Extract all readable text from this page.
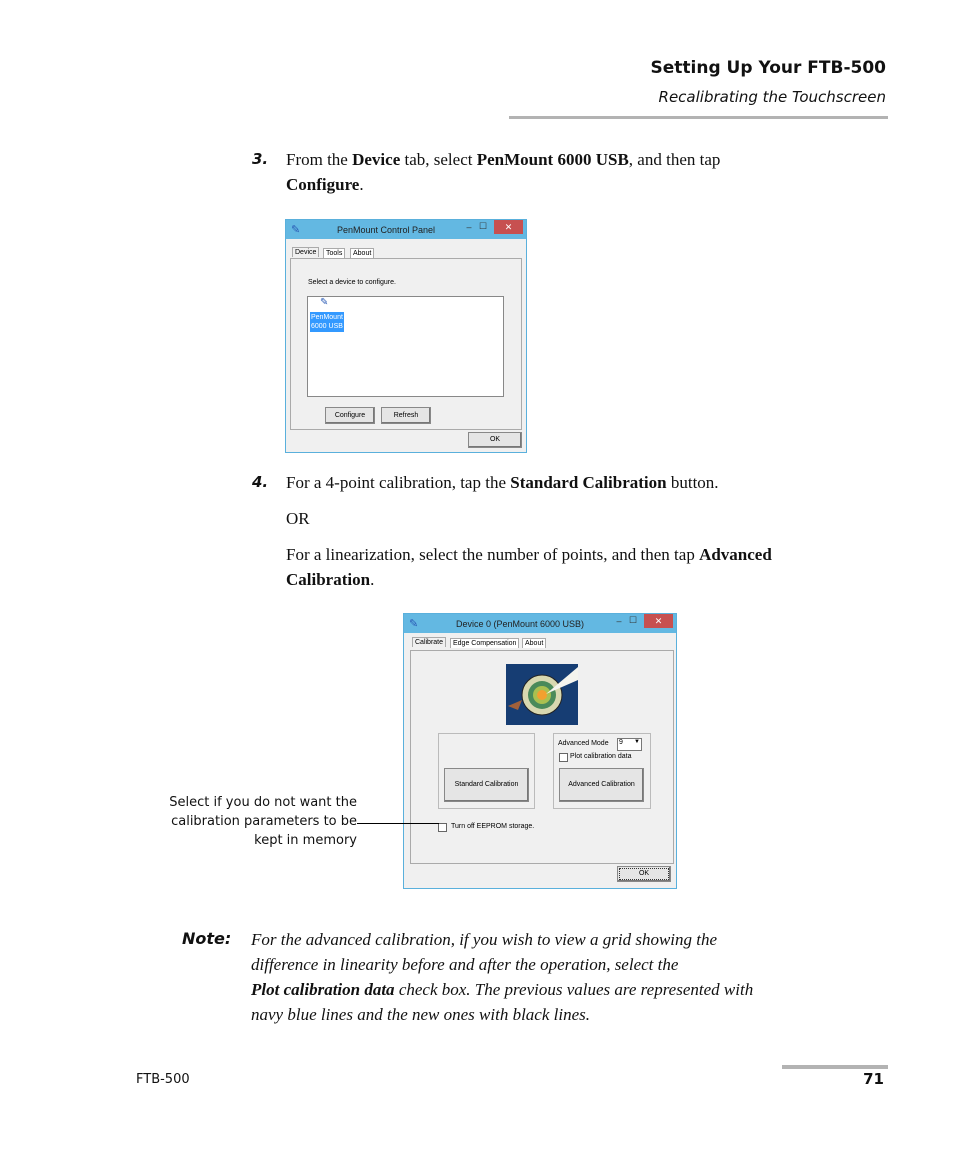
Setting Up Your FTB-500
Recalibrating the Touchscreen
3. From the Device tab, select PenMount 6000 USB, and then tap
Configure.
✎	PenMount Control Panel	– ☐	✕
Select a device to configure.
✎
PenMount
6000 USB
Configure	Refresh
Device	Tools	About
OK
4. For a 4-point calibration, tap the Standard Calibration button.
OR
For a linearization, select the number of points, and then tap Advanced
Calibration.
✎	Device 0 (PenMount 6000 USB)	– ☐	✕
Standard Calibration
Advanced Mode 9 ▼
Plot calibration data
Advanced Calibration
Turn off EEPROM storage.
Calibrate	Edge Compensation	About
OK
Select if you do not want the
calibration parameters to be
kept in memory
Note: For the advanced calibration, if you wish to view a grid showing the
difference in linearity before and after the operation, select the
Plot calibration data check box. The previous values are represented with
navy blue lines and the new ones with black lines.
FTB-500	71
